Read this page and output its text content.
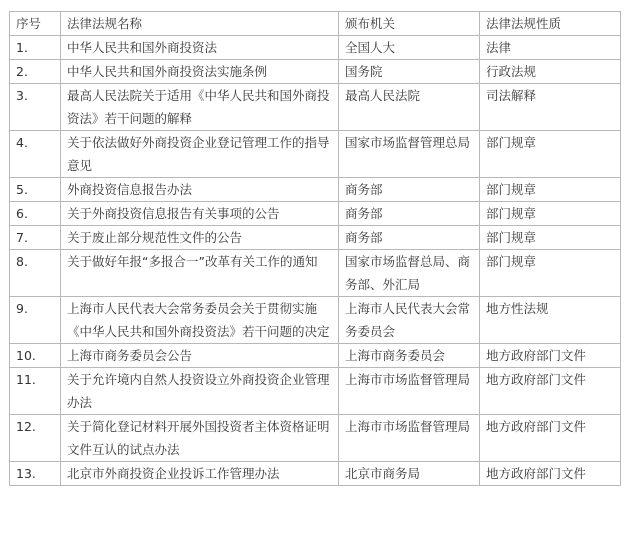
序号	法律法规名称	颁布机关	法律法规性质
1.	中华人民共和国外商投资法	全国人大	法律
2.	中华人民共和国外商投资法实施条例	国务院	行政法规
3.	最高人民法院关于适用《中华人民共和国外商投资法》若干问题的解释	最高人民法院	司法解释
4.	关于依法做好外商投资企业登记管理工作的指导意见	国家市场监督管理总局	部门规章
5.	外商投资信息报告办法	商务部	部门规章
6.	关于外商投资信息报告有关事项的公告	商务部	部门规章
7.	关于废止部分规范性文件的公告	商务部	部门规章
8.	关于做好年报“多报合一”改革有关工作的通知	国家市场监督总局、商务部、外汇局	部门规章
9.	上海市人民代表大会常务委员会关于贯彻实施《中华人民共和国外商投资法》若干问题的决定	上海市人民代表大会常务委员会	地方性法规
10.	上海市商务委员会公告	上海市商务委员会	地方政府部门文件
11.	关于允许境内自然人投资设立外商投资企业管理办法	上海市市场监督管理局	地方政府部门文件
12.	关于简化登记材料开展外国投资者主体资格证明文件互认的试点办法	上海市市场监督管理局	地方政府部门文件
13.	北京市外商投资企业投诉工作管理办法	北京市商务局	地方政府部门文件
